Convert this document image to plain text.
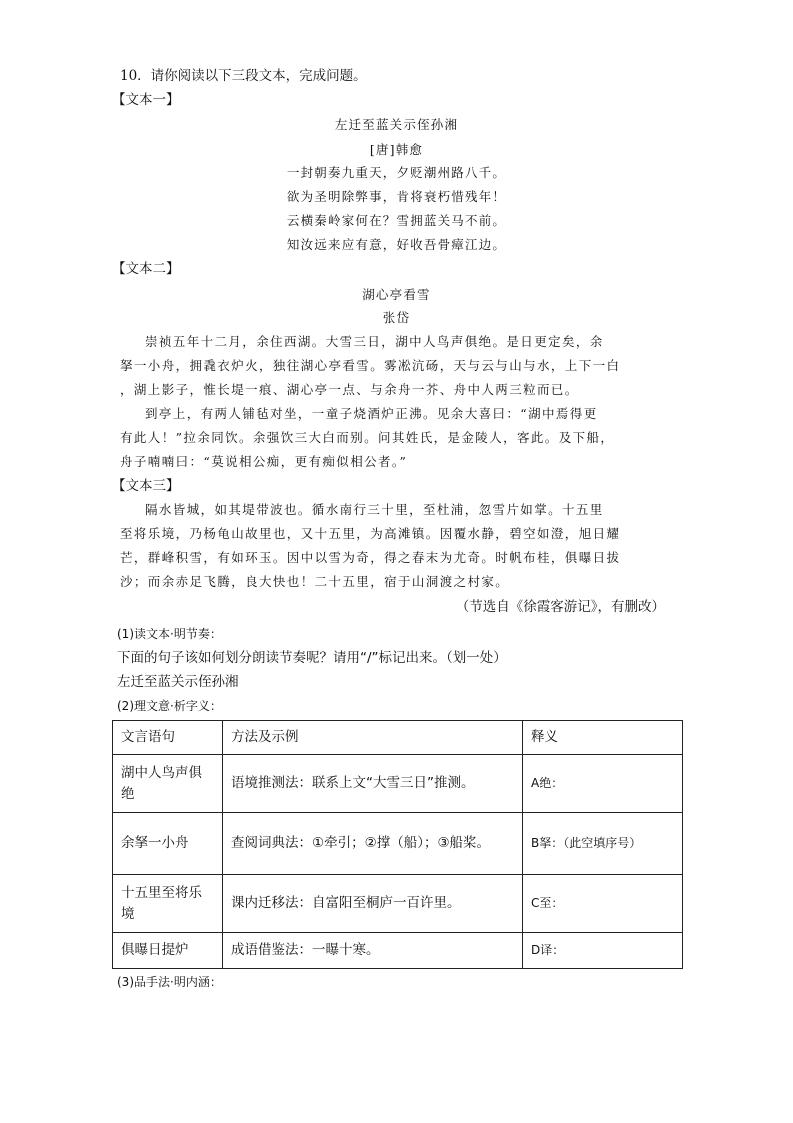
10．请你阅读以下三段文本，完成问题。
【文本一】
左迁至蓝关示侄孙湘
[唐]韩愈
一封朝奏九重天，夕贬潮州路八千。
欲为圣明除弊事，肯将衰朽惜残年！
云横秦岭家何在？雪拥蓝关马不前。
知汝远来应有意，好收吾骨瘴江边。
【文本二】
湖心亭看雪
张岱
崇祯五年十二月，余住西湖。大雪三日，湖中人鸟声俱绝。是日更定矣，余
拏一小舟，拥毳衣炉火，独往湖心亭看雪。雾凇沆砀，天与云与山与水，上下一白
，湖上影子，惟长堤一痕、湖心亭一点、与余舟一芥、舟中人两三粒而已。
到亭上，有两人铺毡对坐，一童子烧酒炉正沸。见余大喜曰：“湖中焉得更
有此人！”拉余同饮。余强饮三大白而别。问其姓氏，是金陵人，客此。及下船，
舟子喃喃曰：“莫说相公痴，更有痴似相公者。”
【文本三】
隔水皆城，如其堤带波也。循水南行三十里，至杜浦，忽雪片如掌。十五里
至将乐境，乃杨龟山故里也，又十五里，为高滩镇。因覆水静，碧空如澄，旭日耀
芒，群峰积雪，有如环玉。因中以雪为奇，得之春末为尤奇。时帆布桂，俱曝日拔
沙；而余赤足飞腾，良大快也！二十五里，宿于山洞渡之村家。
（节选自《徐霞客游记》，有删改）
(1)读文本·明节奏：
下面的句子该如何划分朗读节奏呢？请用“/”标记出来。（划一处）
左迁至蓝关示侄孙湘
(2)理文意·析字义：
文言语句	方法及示例	释义
湖中人鸟声俱绝	语境推测法：联系上文“大雪三日”推测。	A绝：
余拏一小舟	查阅词典法：①牵引；②撑（船）；③船桨。	B拏：（此空填序号）
十五里至将乐境	课内迁移法：自富阳至桐庐一百许里。	C至：
俱曝日提炉	成语借鉴法：一曝十寒。	D译：
(3)品手法·明内涵：
